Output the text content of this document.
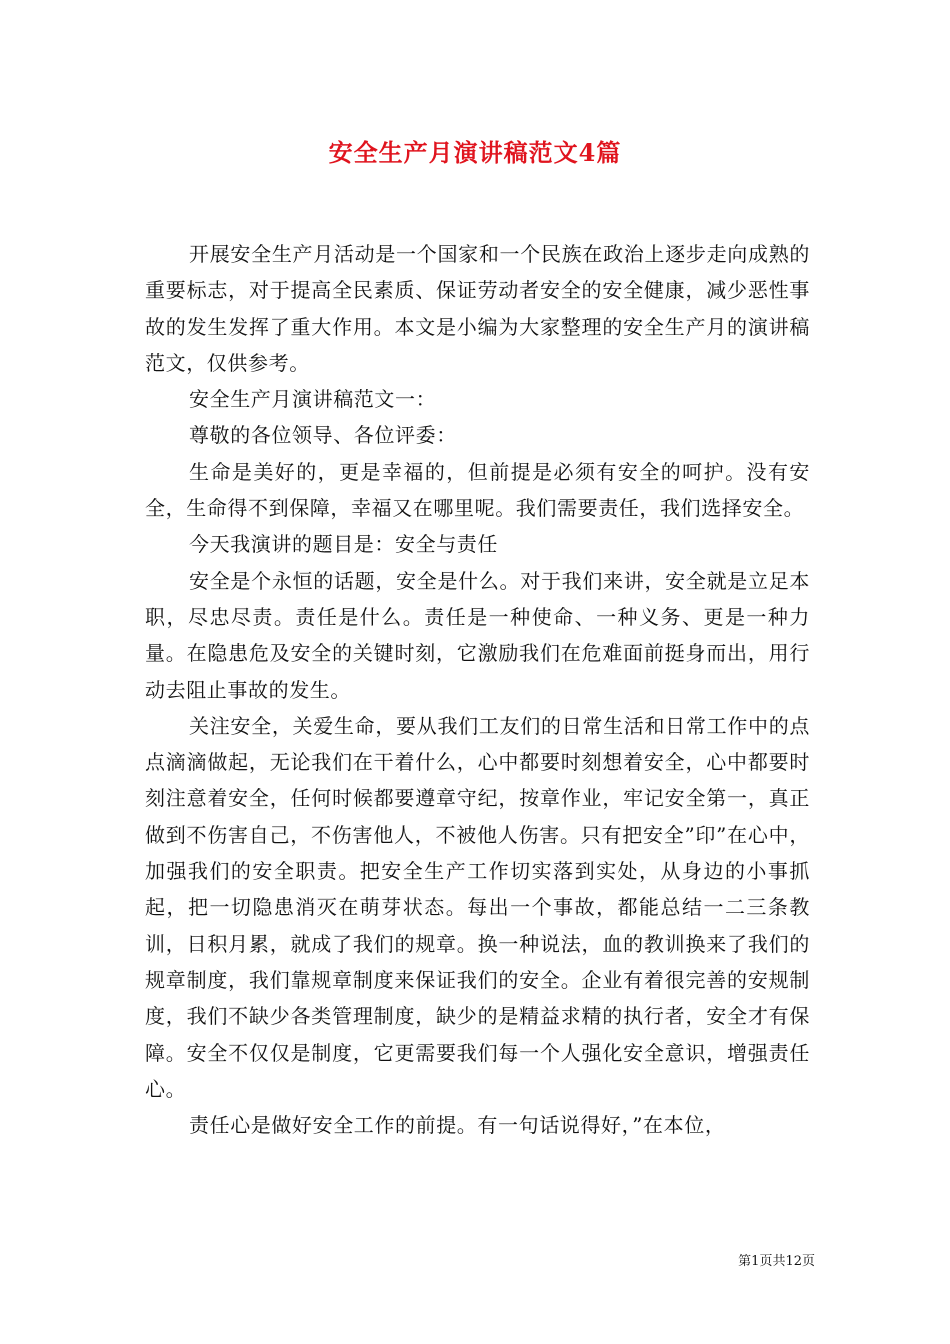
安全生产月演讲稿范文4篇

开展安全生产月活动是一个国家和一个民族在政治上逐步走向成熟的重要标志，对于提高全民素质、保证劳动者安全的安全健康，减少恶性事故的发生发挥了重大作用。本文是小编为大家整理的安全生产月的演讲稿范文，仅供参考。

安全生产月演讲稿范文一：

尊敬的各位领导、各位评委：

生命是美好的，更是幸福的，但前提是必须有安全的呵护。没有安全，生命得不到保障，幸福又在哪里呢。我们需要责任，我们选择安全。

今天我演讲的题目是：安全与责任

安全是个永恒的话题，安全是什么。对于我们来讲，安全就是立足本职，尽忠尽责。责任是什么。责任是一种使命、一种义务、更是一种力量。在隐患危及安全的关键时刻，它激励我们在危难面前挺身而出，用行动去阻止事故的发生。

关注安全，关爱生命，要从我们工友们的日常生活和日常工作中的点点滴滴做起，无论我们在干着什么，心中都要时刻想着安全，心中都要时刻注意着安全，任何时候都要遵章守纪，按章作业，牢记安全第一，真正做到不伤害自己，不伤害他人，不被他人伤害。只有把安全”印”在心中，加强我们的安全职责。把安全生产工作切实落到实处，从身边的小事抓起，把一切隐患消灭在萌芽状态。每出一个事故，都能总结一二三条教训，日积月累，就成了我们的规章。换一种说法，血的教训换来了我们的规章制度，我们靠规章制度来保证我们的安全。企业有着很完善的安规制度，我们不缺少各类管理制度，缺少的是精益求精的执行者，安全才有保障。安全不仅仅是制度，它更需要我们每一个人强化安全意识，增强责任心。

责任心是做好安全工作的前提。有一句话说得好，”在本位，

第1页共12页
